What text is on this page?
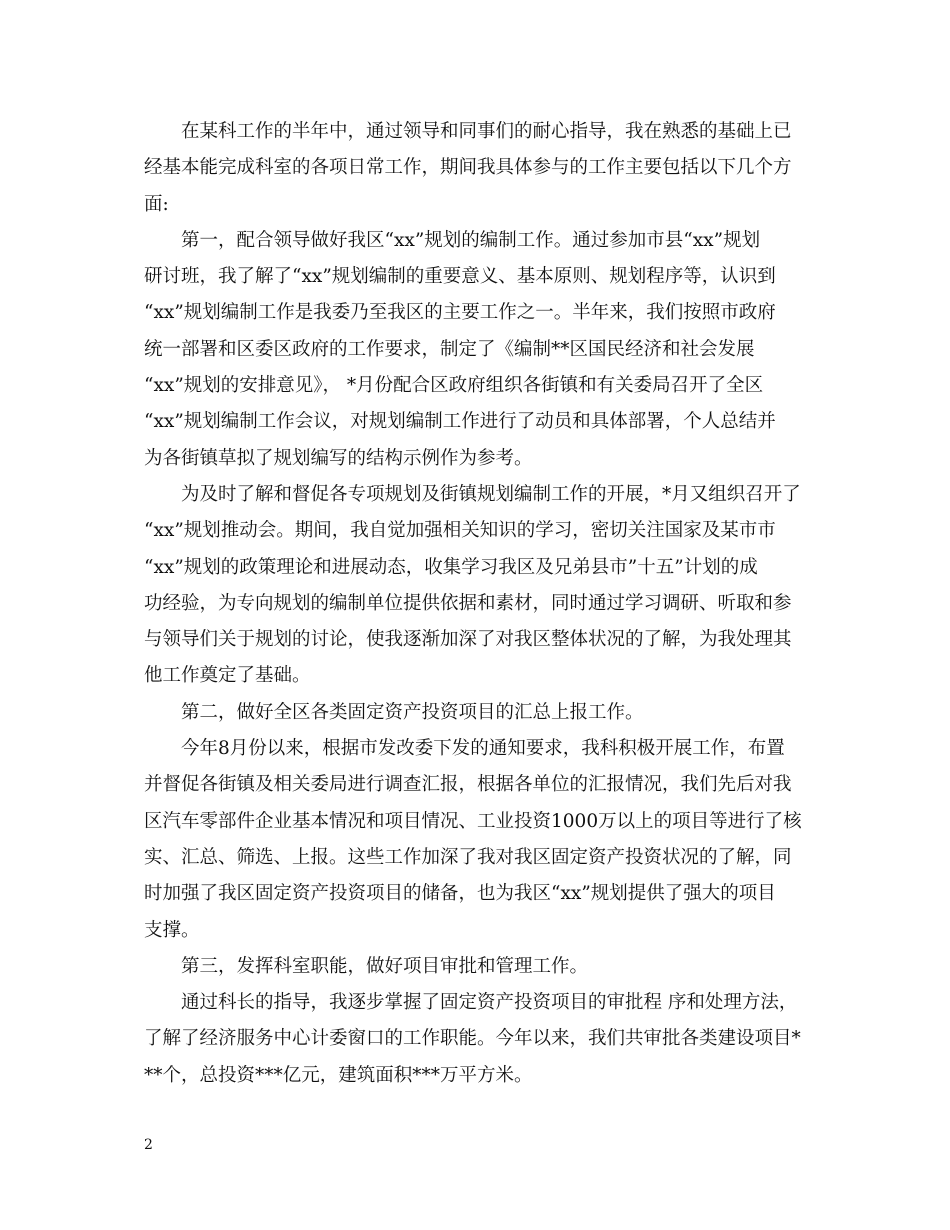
在某科工作的半年中，通过领导和同事们的耐心指导，我在熟悉的基础上已
经基本能完成科室的各项日常工作，期间我具体参与的工作主要包括以下几个方
面:
第一，配合领导做好我区“xx”规划的编制工作。通过参加市县“xx”规划
研讨班，我了解了“xx”规划编制的重要意义、基本原则、规划程序等，认识到
“xx”规划编制工作是我委乃至我区的主要工作之一。半年来，我们按照市政府
统一部署和区委区政府的工作要求，制定了《编制**区国民经济和社会发展
“xx”规划的安排意见》， *月份配合区政府组织各街镇和有关委局召开了全区
“xx”规划编制工作会议，对规划编制工作进行了动员和具体部署，个人总结并
为各街镇草拟了规划编写的结构示例作为参考。
为及时了解和督促各专项规划及街镇规划编制工作的开展，*月又组织召开了
“xx”规划推动会。期间，我自觉加强相关知识的学习，密切关注国家及某市市
“xx”规划的政策理论和进展动态，收集学习我区及兄弟县市”十五”计划的成
功经验，为专向规划的编制单位提供依据和素材，同时通过学习调研、听取和参
与领导们关于规划的讨论，使我逐渐加深了对我区整体状况的了解，为我处理其
他工作奠定了基础。
第二，做好全区各类固定资产投资项目的汇总上报工作。
今年8月份以来，根据市发改委下发的通知要求，我科积极开展工作，布置
并督促各街镇及相关委局进行调查汇报，根据各单位的汇报情况，我们先后对我
区汽车零部件企业基本情况和项目情况、工业投资1000万以上的项目等进行了核
实、汇总、筛选、上报。这些工作加深了我对我区固定资产投资状况的了解，同
时加强了我区固定资产投资项目的储备，也为我区“xx”规划提供了强大的项目
支撑。
第三，发挥科室职能，做好项目审批和管理工作。
通过科长的指导，我逐步掌握了固定资产投资项目的审批程 序和处理方法，
了解了经济服务中心计委窗口的工作职能。今年以来，我们共审批各类建设项目*
**个，总投资***亿元，建筑面积***万平方米。
2
